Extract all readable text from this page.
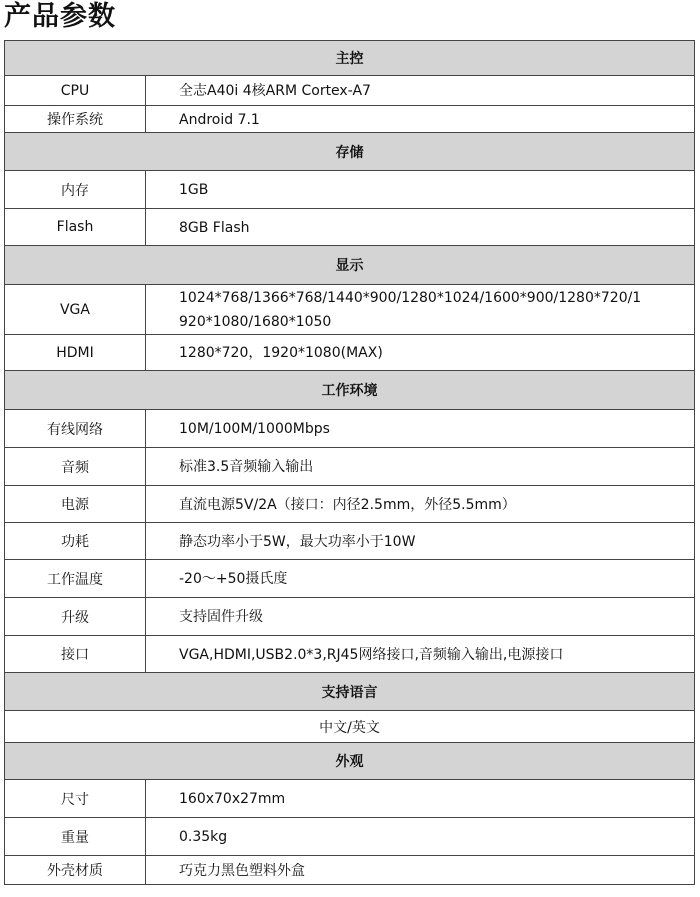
产品参数
主控	
CPU	全志A40i 4核ARM Cortex-A7

操作系统	Android 7.1

存储	
内存	1GB

Flash	8GB Flash

显示	
VGA	1024*768/1366*768/1440*900/1280*1024/1600*900/1280*720/1
920*1080/1680*1050

HDMI	1280*720，1920*1080(MAX)

工作环境	
有线网络	10M/100M/1000Mbps

音频	标准3.5音频输入输出

电源	直流电源5V/2A（接口：内径2.5mm，外径5.5mm）

功耗	静态功率小于5W，最大功率小于10W

工作温度	-20～+50摄氏度

升级	支持固件升级

接口	VGA,HDMI,USB2.0*3,RJ45网络接口,音频输入输出,电源接口

支持语言	
中文/英文	
外观	
尺寸	160x70x27mm

重量	0.35kg

外壳材质	巧克力黑色塑料外盒
